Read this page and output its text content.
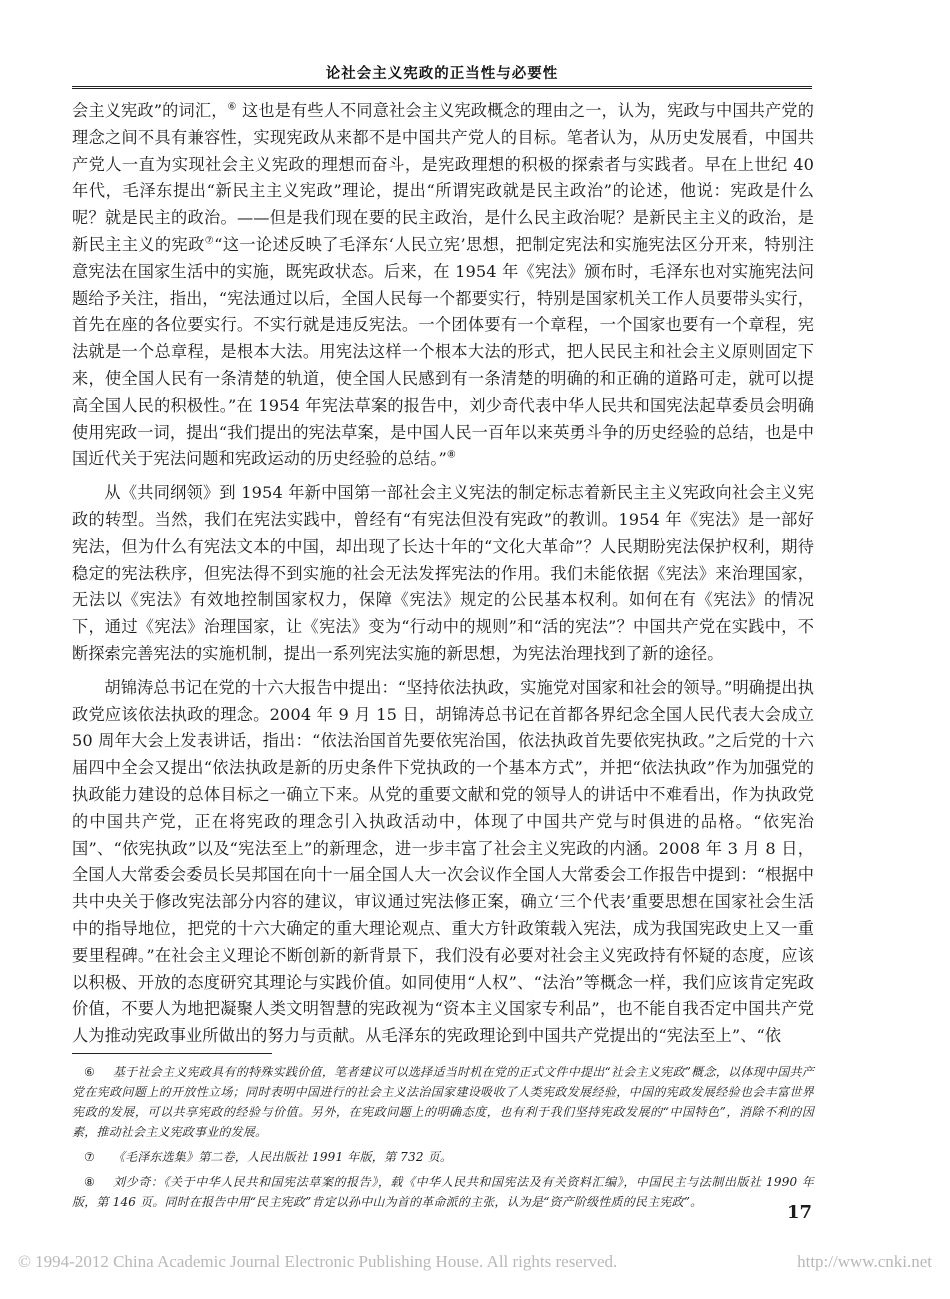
论社会主义宪政的正当性与必要性

会主义宪政”的词汇，⑥ 这也是有些人不同意社会主义宪政概念的理由之一，认为，宪政与中国共产党的理念之间不具有兼容性，实现宪政从来都不是中国共产党人的目标。笔者认为，从历史发展看，中国共产党人一直为实现社会主义宪政的理想而奋斗，是宪政理想的积极的探索者与实践者。早在上世纪 40 年代，毛泽东提出“新民主主义宪政”理论，提出“所谓宪政就是民主政治”的论述，他说：宪政是什么呢？就是民主的政治。——但是我们现在要的民主政治，是什么民主政治呢？是新民主主义的政治，是新民主主义的宪政⑦“这一论述反映了毛泽东‘人民立宪’思想，把制定宪法和实施宪法区分开来，特别注意宪法在国家生活中的实施，既宪政状态。后来，在 1954 年《宪法》颁布时，毛泽东也对实施宪法问题给予关注，指出，“宪法通过以后，全国人民每一个都要实行，特别是国家机关工作人员要带头实行，首先在座的各位要实行。不实行就是违反宪法。一个团体要有一个章程，一个国家也要有一个章程，宪法就是一个总章程，是根本大法。用宪法这样一个根本大法的形式，把人民民主和社会主义原则固定下来，使全国人民有一条清楚的轨道，使全国人民感到有一条清楚的明确的和正确的道路可走，就可以提高全国人民的积极性。”在 1954 年宪法草案的报告中，刘少奇代表中华人民共和国宪法起草委员会明确使用宪政一词，提出“我们提出的宪法草案，是中国人民一百年以来英勇斗争的历史经验的总结，也是中国近代关于宪法问题和宪政运动的历史经验的总结。”⑧

从《共同纲领》到 1954 年新中国第一部社会主义宪法的制定标志着新民主主义宪政向社会主义宪政的转型。当然，我们在宪法实践中，曾经有“有宪法但没有宪政”的教训。1954 年《宪法》是一部好宪法，但为什么有宪法文本的中国，却出现了长达十年的“文化大革命”？人民期盼宪法保护权利，期待稳定的宪法秩序，但宪法得不到实施的社会无法发挥宪法的作用。我们未能依据《宪法》来治理国家，无法以《宪法》有效地控制国家权力，保障《宪法》规定的公民基本权利。如何在有《宪法》的情况下，通过《宪法》治理国家，让《宪法》变为“行动中的规则”和“活的宪法”？中国共产党在实践中，不断探索完善宪法的实施机制，提出一系列宪法实施的新思想，为宪法治理找到了新的途径。

胡锦涛总书记在党的十六大报告中提出：“坚持依法执政，实施党对国家和社会的领导。”明确提出执政党应该依法执政的理念。2004 年 9 月 15 日，胡锦涛总书记在首都各界纪念全国人民代表大会成立 50 周年大会上发表讲话，指出：“依法治国首先要依宪治国，依法执政首先要依宪执政。”之后党的十六届四中全会又提出“依法执政是新的历史条件下党执政的一个基本方式”，并把“依法执政”作为加强党的执政能力建设的总体目标之一确立下来。从党的重要文献和党的领导人的讲话中不难看出，作为执政党的中国共产党，正在将宪政的理念引入执政活动中，体现了中国共产党与时俱进的品格。“依宪治国”、“依宪执政”以及“宪法至上”的新理念，进一步丰富了社会主义宪政的内涵。2008 年 3 月 8 日，全国人大常委会委员长吴邦国在向十一届全国人大一次会议作全国人大常委会工作报告中提到：“根据中共中央关于修改宪法部分内容的建议，审议通过宪法修正案，确立‘三个代表’重要思想在国家社会生活中的指导地位，把党的十六大确定的重大理论观点、重大方针政策载入宪法，成为我国宪政史上又一重要里程碑。”在社会主义理论不断创新的新背景下，我们没有必要对社会主义宪政持有怀疑的态度，应该以积极、开放的态度研究其理论与实践价值。如同使用“人权”、“法治”等概念一样，我们应该肯定宪政价值，不要人为地把凝聚人类文明智慧的宪政视为“资本主义国家专利品”，也不能自我否定中国共产党人为推动宪政事业所做出的努力与贡献。从毛泽东的宪政理论到中国共产党提出的“宪法至上”、“依

⑥ 基于社会主义宪政具有的特殊实践价值，笔者建议可以选择适当时机在党的正式文件中提出“社会主义宪政”概念，以体现中国共产党在宪政问题上的开放性立场；同时表明中国进行的社会主义法治国家建设吸收了人类宪政发展经验，中国的宪政发展经验也会丰富世界宪政的发展，可以共享宪政的经验与价值。另外，在宪政问题上的明确态度，也有利于我们坚持宪政发展的“中国特色”，消除不利的因素，推动社会主义宪政事业的发展。

⑦ 《毛泽东选集》第二卷，人民出版社 1991 年版，第 732 页。

⑧ 刘少奇：《关于中华人民共和国宪法草案的报告》，载《中华人民共和国宪法及有关资料汇编》，中国民主与法制出版社 1990 年版，第 146 页。同时在报告中用“民主宪政”肯定以孙中山为首的革命派的主张，认为是“资产阶级性质的民主宪政”。	17
© 1994-2012 China Academic Journal Electronic Publishing House. All rights reserved.	http://www.cnki.net
